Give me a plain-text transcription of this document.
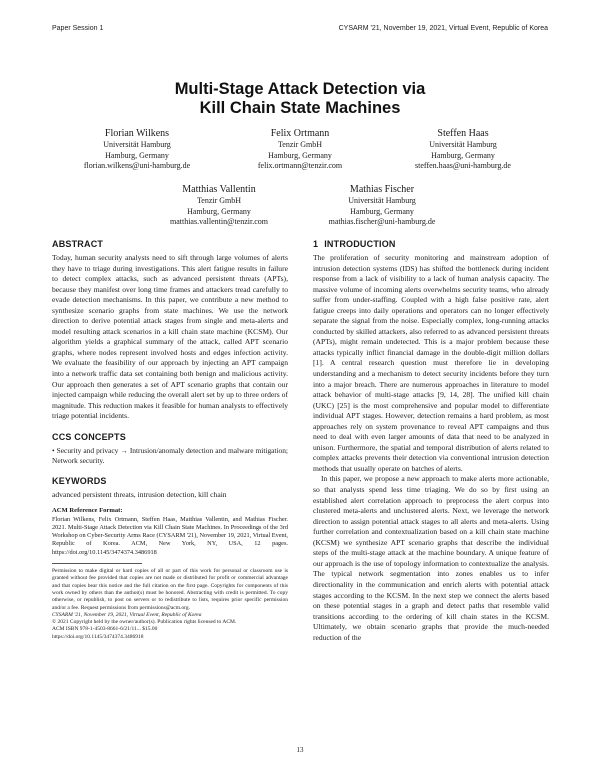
Paper Session 1	CYSARM '21, November 19, 2021, Virtual Event, Republic of Korea
Multi-Stage Attack Detection via
Kill Chain State Machines
Florian Wilkens
Universität Hamburg
Hamburg, Germany
florian.wilkens@uni-hamburg.de
Felix Ortmann
Tenzir GmbH
Hamburg, Germany
felix.ortmann@tenzir.com
Steffen Haas
Universität Hamburg
Hamburg, Germany
steffen.haas@uni-hamburg.de
Matthias Vallentin
Tenzir GmbH
Hamburg, Germany
matthias.vallentin@tenzir.com
Mathias Fischer
Universität Hamburg
Hamburg, Germany
mathias.fischer@uni-hamburg.de
ABSTRACT

Today, human security analysts need to sift through large volumes of alerts they have to triage during investigations. This alert fatigue results in failure to detect complex attacks, such as advanced persistent threats (APTs), because they manifest over long time frames and attackers tread carefully to evade detection mechanisms. In this paper, we contribute a new method to synthesize scenario graphs from state machines. We use the network direction to derive potential attack stages from single and meta-alerts and model resulting attack scenarios in a kill chain state machine (KCSM). Our algorithm yields a graphical summary of the attack, called APT scenario graphs, where nodes represent involved hosts and edges infection activity. We evaluate the feasibility of our approach by injecting an APT campaign into a network traffic data set containing both benign and malicious activity. Our approach then generates a set of APT scenario graphs that contain our injected campaign while reducing the overall alert set by up to three orders of magnitude. This reduction makes it feasible for human analysts to effectively triage potential incidents.

CCS CONCEPTS

• Security and privacy → Intrusion/anomaly detection and malware mitigation; Network security.

KEYWORDS

advanced persistent threats, intrusion detection, kill chain

ACM Reference Format:

Florian Wilkens, Felix Ortmann, Steffen Haas, Matthias Vallentin, and Mathias Fischer. 2021. Multi-Stage Attack Detection via Kill Chain State Machines. In Proceedings of the 3rd Workshop on Cyber-Security Arms Race (CYSARM '21), November 19, 2021, Virtual Event, Republic of Korea. ACM, New York, NY, USA, 12 pages. https://doi.org/10.1145/3474374.3486918

Permission to make digital or hard copies of all or part of this work for personal or classroom use is granted without fee provided that copies are not made or distributed for profit or commercial advantage and that copies bear this notice and the full citation on the first page. Copyrights for components of this work owned by others than the author(s) must be honored. Abstracting with credit is permitted. To copy otherwise, or republish, to post on servers or to redistribute to lists, requires prior specific permission and/or a fee. Request permissions from permissions@acm.org.

CYSARM '21, November 19, 2021, Virtual Event, Republic of Korea

© 2021 Copyright held by the owner/author(s). Publication rights licensed to ACM.

ACM ISBN 978-1-4503-8661-6/21/11... $15.00

https://doi.org/10.1145/3474374.3486918

1 INTRODUCTION

The proliferation of security monitoring and mainstream adoption of intrusion detection systems (IDS) has shifted the bottleneck during incident response from a lack of visibility to a lack of human analysis capacity. The massive volume of incoming alerts overwhelms security teams, who already suffer from under-staffing. Coupled with a high false positive rate, alert fatigue creeps into daily operations and operators can no longer effectively separate the signal from the noise. Especially complex, long-running attacks conducted by skilled attackers, also referred to as advanced persistent threats (APTs), might remain undetected. This is a major problem because these attacks typically inflict financial damage in the double-digit million dollars [1]. A central research question must therefore lie in developing understanding and a mechanism to detect security incidents before they turn into a major breach. There are numerous approaches in literature to model attack behavior of multi-stage attacks [9, 14, 28]. The unified kill chain (UKC) [25] is the most comprehensive and popular model to differentiate individual APT stages. However, detection remains a hard problem, as most approaches rely on system provenance to reveal APT campaigns and thus need to deal with even larger amounts of data that need to be analyzed in unison. Furthermore, the spatial and temporal distribution of alerts related to complex attacks prevents their detection via conventional intrusion detection methods that usually operate on batches of alerts.

In this paper, we propose a new approach to make alerts more actionable, so that analysts spend less time triaging. We do so by first using an established alert correlation approach to preprocess the alert corpus into clustered meta-alerts and unclustered alerts. Next, we leverage the network direction to assign potential attack stages to all alerts and meta-alerts. Using further correlation and contextualization based on a kill chain state machine (KCSM) we synthesize APT scenario graphs that describe the individual steps of the multi-stage attack at the machine boundary. A unique feature of our approach is the use of topology information to contextualize the analysis. The typical network segmentation into zones enables us to infer directionality in the communication and enrich alerts with potential attack stages according to the KCSM. In the next step we connect the alerts based on these potential stages in a graph and detect paths that resemble valid transitions according to the ordering of kill chain states in the KCSM. Ultimately, we obtain scenario graphs that provide the much-needed reduction of the

13
